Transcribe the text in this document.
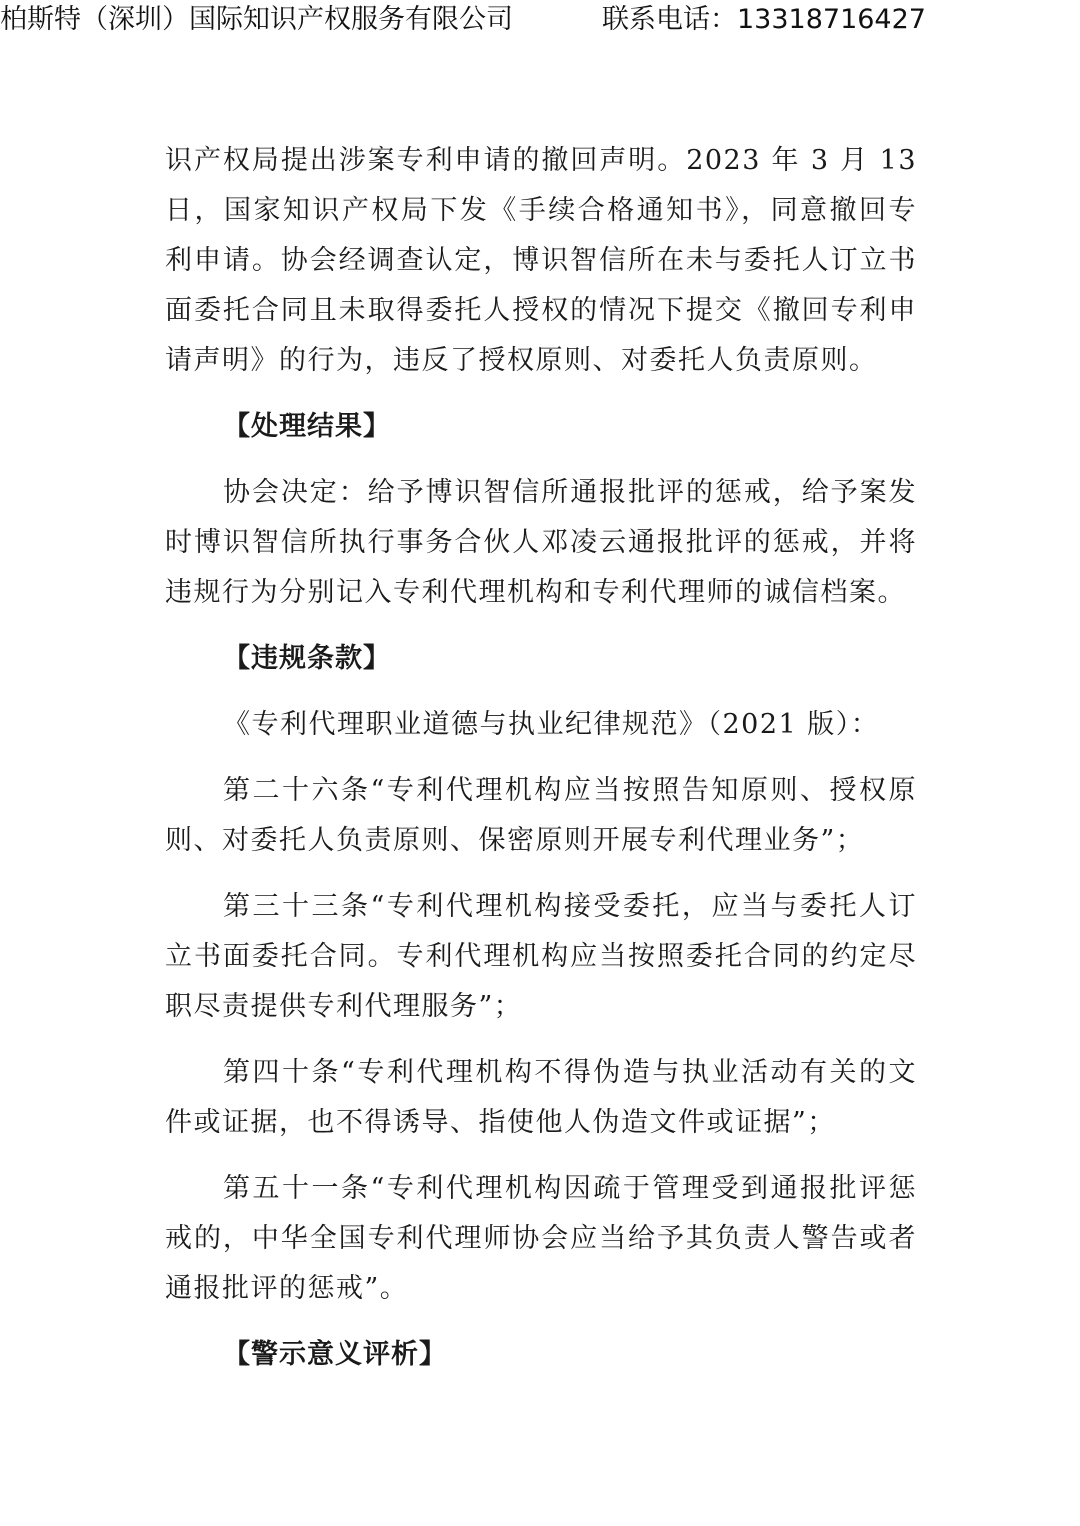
柏斯特（深圳）国际知识产权服务有限公司	联系电话：13318716427

识产权局提出涉案专利申请的撤回声明。2023 年 3 月 13 日，国家知识产权局下发《手续合格通知书》，同意撤回专利申请。协会经调查认定，博识智信所在未与委托人订立书面委托合同且未取得委托人授权的情况下提交《撤回专利申请声明》的行为，违反了授权原则、对委托人负责原则。

【处理结果】

协会决定：给予博识智信所通报批评的惩戒，给予案发时博识智信所执行事务合伙人邓凌云通报批评的惩戒，并将违规行为分别记入专利代理机构和专利代理师的诚信档案。

【违规条款】

《专利代理职业道德与执业纪律规范》（2021 版）：

第二十六条“专利代理机构应当按照告知原则、授权原则、对委托人负责原则、保密原则开展专利代理业务”；

第三十三条“专利代理机构接受委托，应当与委托人订立书面委托合同。专利代理机构应当按照委托合同的约定尽职尽责提供专利代理服务”；

第四十条“专利代理机构不得伪造与执业活动有关的文件或证据，也不得诱导、指使他人伪造文件或证据”；

第五十一条“专利代理机构因疏于管理受到通报批评惩戒的，中华全国专利代理师协会应当给予其负责人警告或者通报批评的惩戒”。

【警示意义评析】
